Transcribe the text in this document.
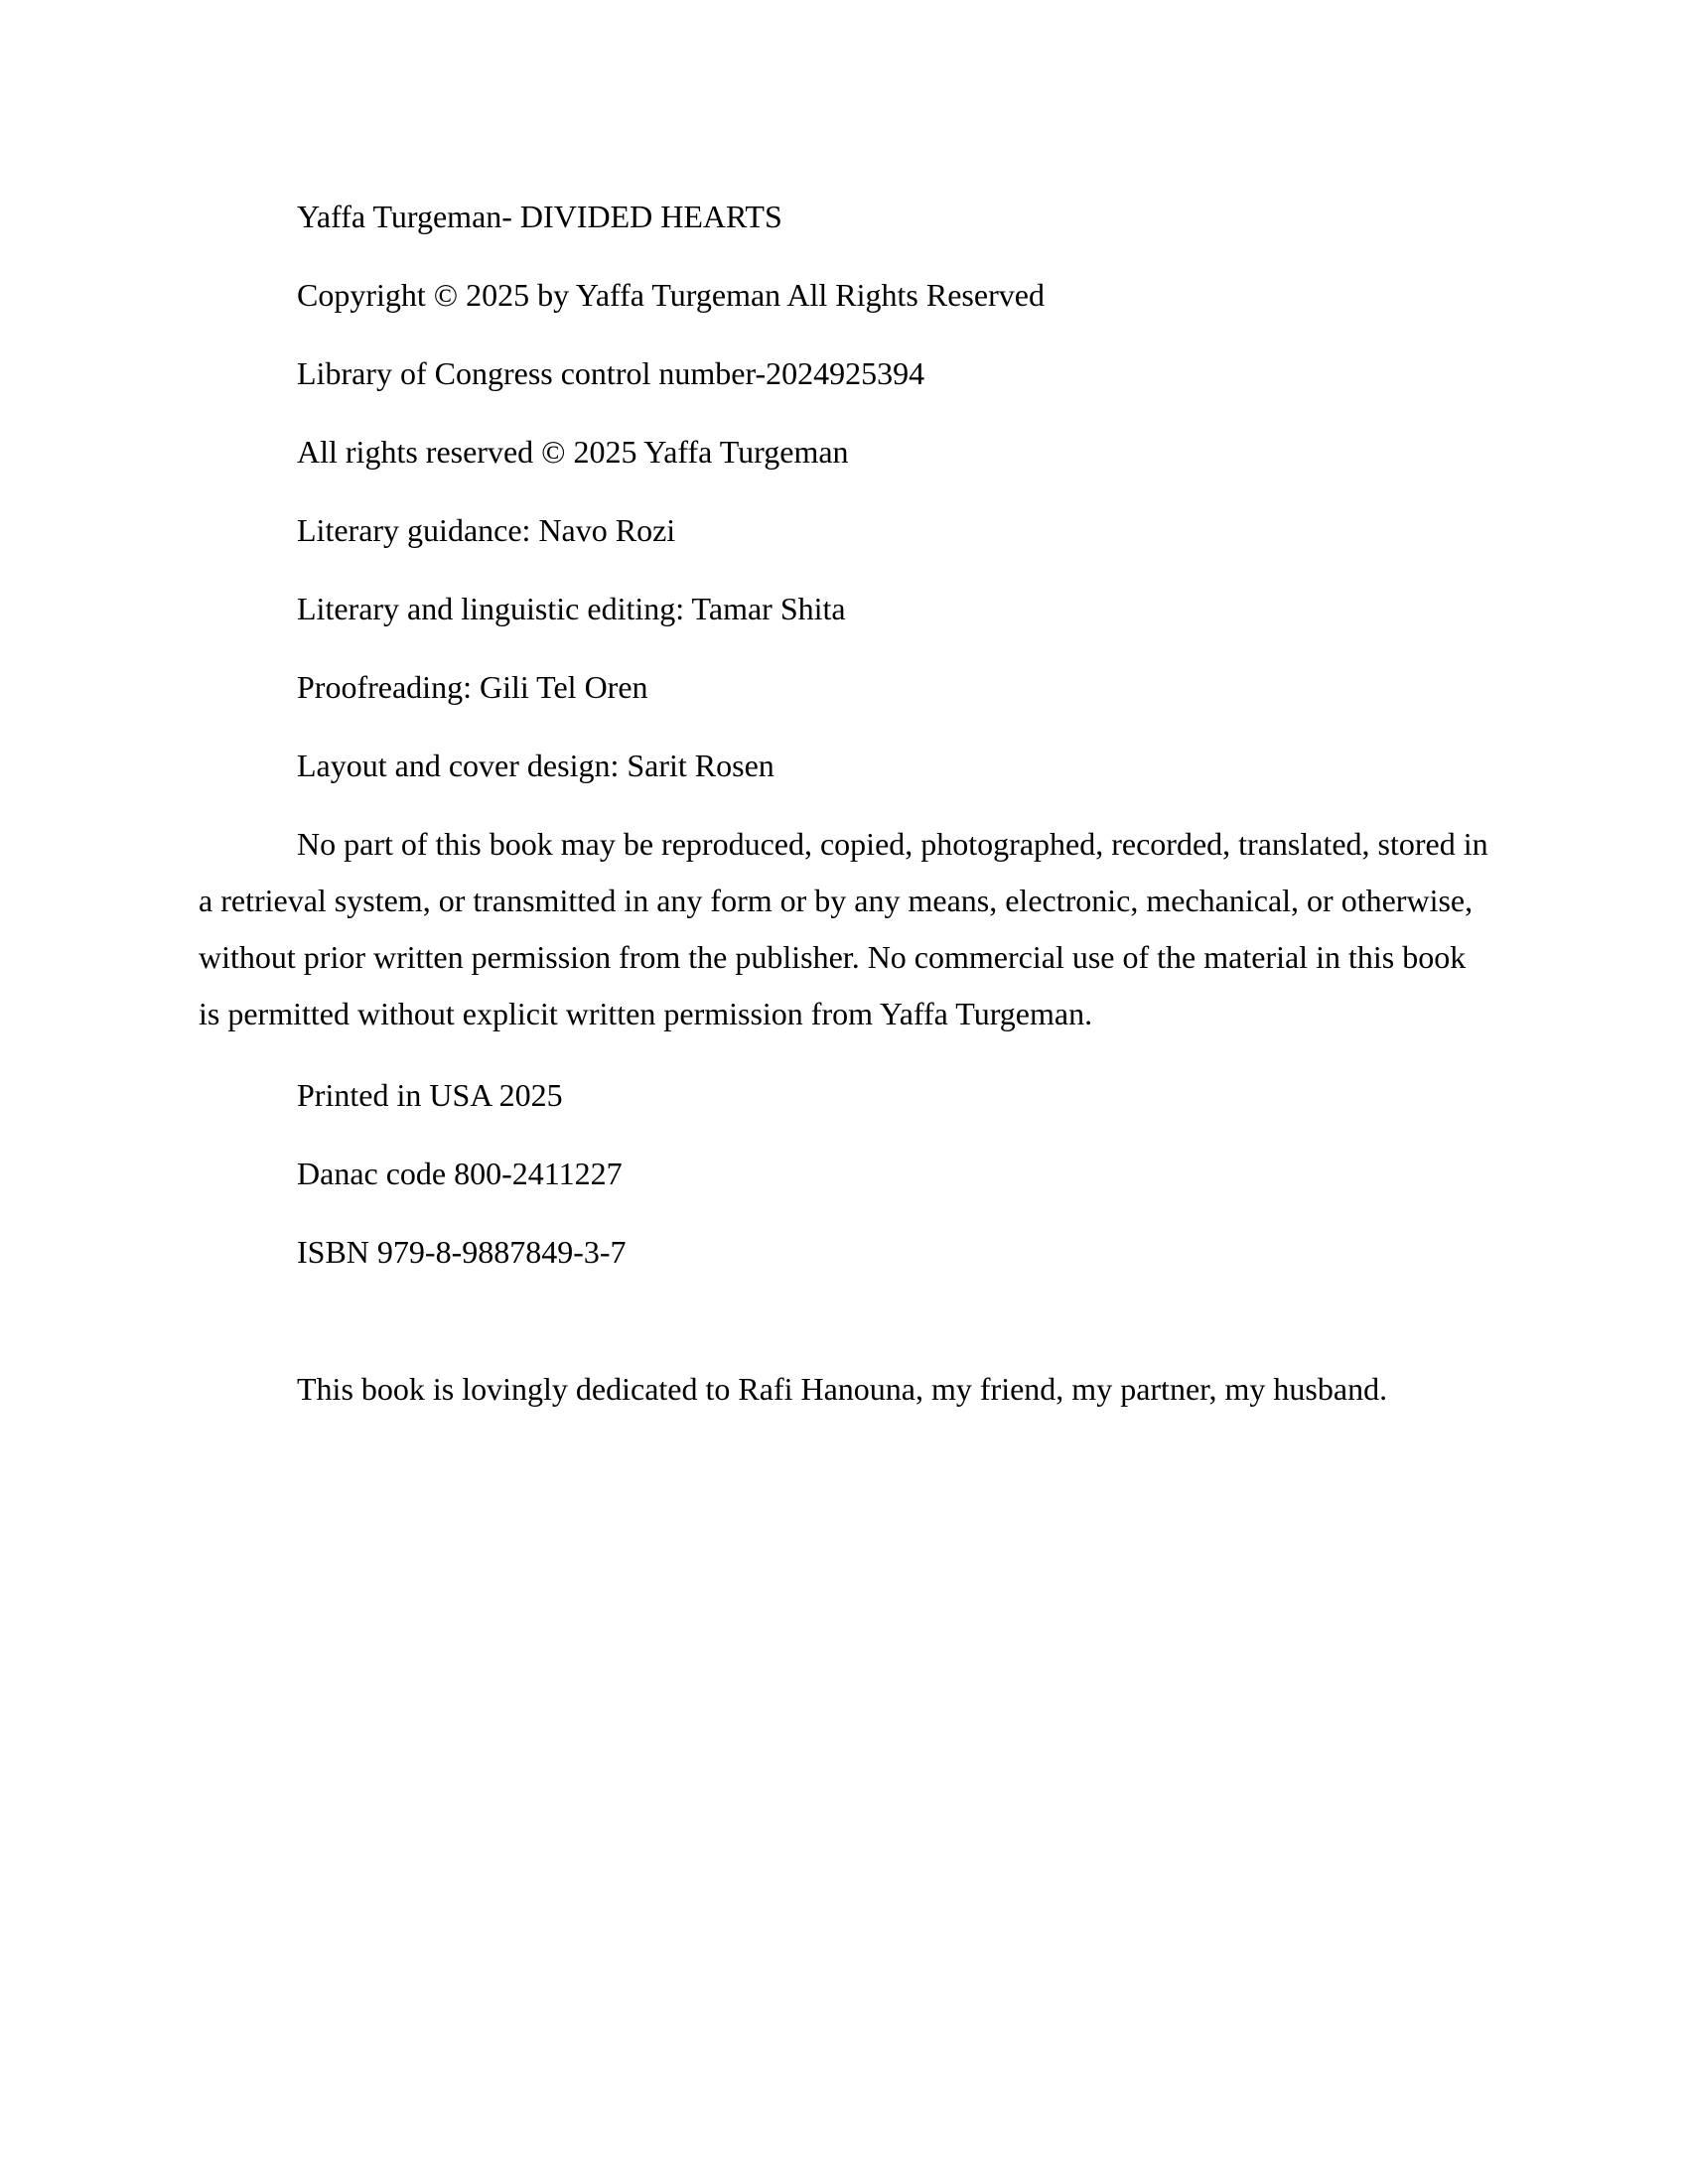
Yaffa Turgeman- DIVIDED HEARTS

Copyright © 2025 by Yaffa Turgeman All Rights Reserved

Library of Congress control number-2024925394

All rights reserved © 2025 Yaffa Turgeman

Literary guidance: Navo Rozi

Literary and linguistic editing: Tamar Shita

Proofreading: Gili Tel Oren

Layout and cover design: Sarit Rosen

No part of this book may be reproduced, copied, photographed, recorded, translated, stored in a retrieval system, or transmitted in any form or by any means, electronic, mechanical, or otherwise, without prior written permission from the publisher. No commercial use of the material in this book is permitted without explicit written permission from Yaffa Turgeman.

Printed in USA 2025

Danac code 800-2411227

ISBN 979-8-9887849-3-7

This book is lovingly dedicated to Rafi Hanouna, my friend, my partner, my husband.
